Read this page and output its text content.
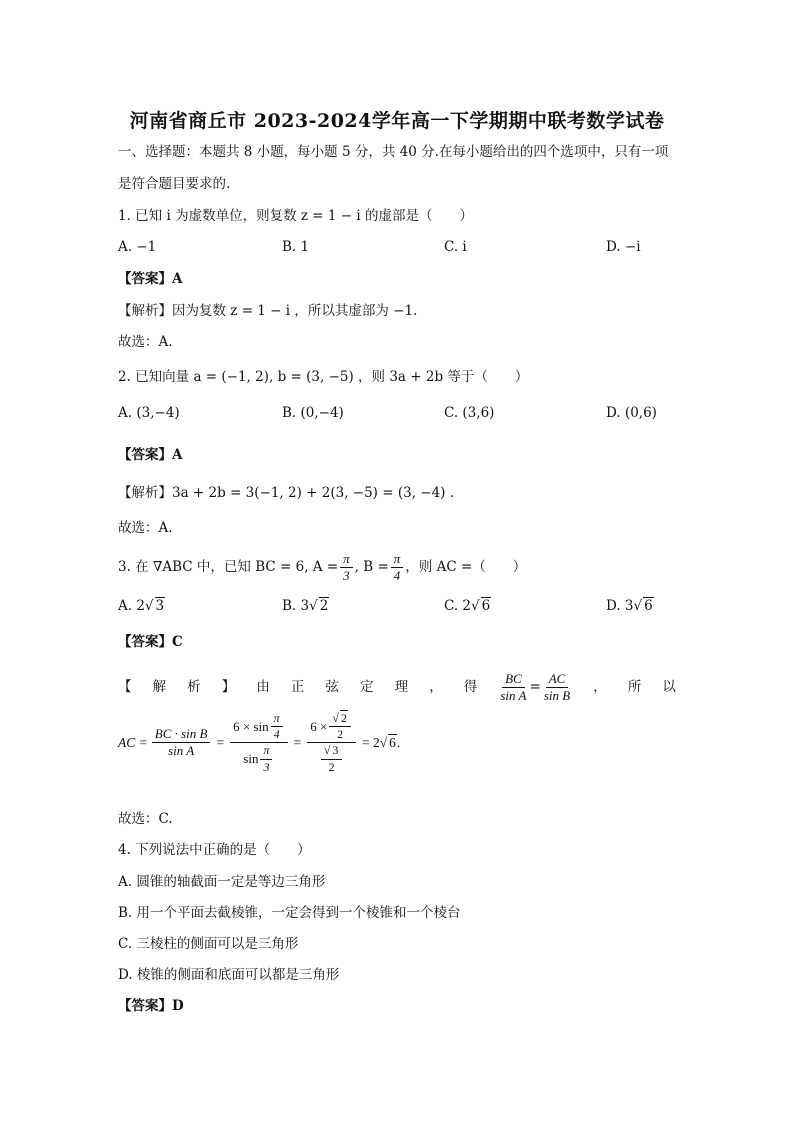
河南省商丘市 2023-2024学年高一下学期期中联考数学试卷
一、选择题：本题共 8 小题，每小题 5 分，共 40 分.在每小题给出的四个选项中，只有一项
是符合题目要求的.
1. 已知 i 为虚数单位，则复数 z = 1 − i 的虚部是（　　）
A. −1	B. 1	C. i	D. −i
【答案】A
【解析】因为复数 z = 1 − i ，所以其虚部为 −1.
故选：A.
2. 已知向量 a = (−1, 2), b = (3, −5) ，则 3a + 2b 等于（　　）
A. (3,−4)	B. (0,−4)	C. (3,6)	D. (0,6)
【答案】A
【解析】3a + 2b = 3(−1, 2) + 2(3, −5) = (3, −4) .
故选：A.
3. 在 ∇ABC 中，已知 BC = 6, $A = \frac{\pi}{3}$ , $B = \frac{\pi}{4}$ ，则 AC =（　　）
A. 2√ 3	B. 3√ 2	C. 2√ 6	D. 3√ 6
【答案】C
【 解 析 】 由 正 弦 定 理 ， 得 $\frac{BC}{\text{sin A}} = \frac{AC}{\text{sin B}}$ ， 所 以
AC = $\frac{\text{BC · sin B}}{\text{sin A}} = \frac{6 \times \sin \frac{\pi}{4}}{\sin \frac{\pi}{3}} = \frac{6 \times \frac{√ 2}{2}}{\frac{√ 3}{2}} = 2$ √ 6 .
故选：C.
4. 下列说法中正确的是（　　）
A. 圆锥的轴截面一定是等边三角形
B. 用一个平面去截棱锥，一定会得到一个棱锥和一个棱台
C. 三棱柱的侧面可以是三角形
D. 棱锥的侧面和底面可以都是三角形
【答案】D
